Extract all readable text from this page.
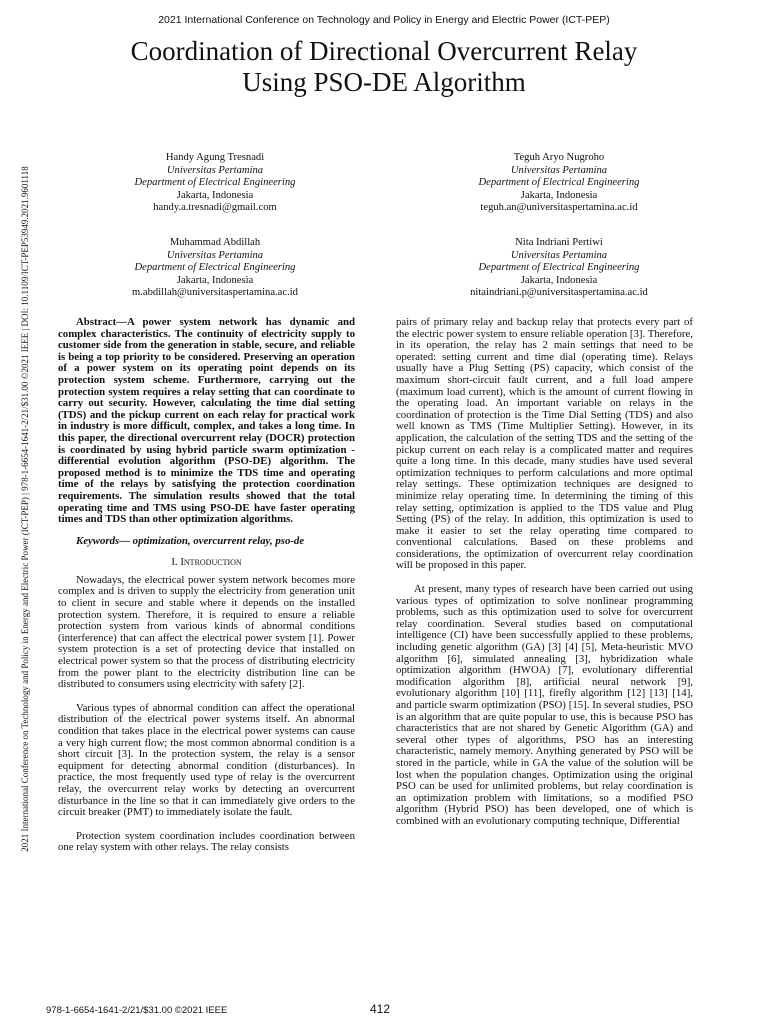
2021 International Conference on Technology and Policy in Energy and Electric Power (ICT-PEP)
Coordination of Directional Overcurrent Relay
Using PSO-DE Algorithm
2021 International Conference on Technology and Policy in Energy and Electric Power (ICT-PEP) | 978-1-6654-1641-2/21/$31.00 ©2021 IEEE | DOI: 10.1109/ICT-PEP53949.2021.9601118
Handy Agung Tresnadi
Universitas Pertamina
Department of Electrical Engineering
Jakarta, Indonesia
handy.a.tresnadi@gmail.com
Teguh Aryo Nugroho
Universitas Pertamina
Department of Electrical Engineering
Jakarta, Indonesia
teguh.an@universitaspertamina.ac.id
Muhammad Abdillah
Universitas Pertamina
Department of Electrical Engineering
Jakarta, Indonesia
m.abdillah@universitaspertamina.ac.id
Nita Indriani Pertiwi
Universitas Pertamina
Department of Electrical Engineering
Jakarta, Indonesia
nitaindriani.p@universitaspertamina.ac.id

Abstract—A power system network has dynamic and complex characteristics. The continuity of electricity supply to customer side from the generation in stable, secure, and reliable is being a top priority to be considered. Preserving an operation of a power system on its operating point depends on its protection system scheme. Furthermore, carrying out the protection system requires a relay setting that can coordinate to carry out security. However, calculating the time dial setting (TDS) and the pickup current on each relay for practical work in industry is more difficult, complex, and takes a long time. In this paper, the directional overcurrent relay (DOCR) protection is coordinated by using hybrid particle swarm optimization - differential evolution algorithm (PSO-DE) algorithm. The proposed method is to minimize the TDS time and operating time of the relays by satisfying the protection coordination requirements. The simulation results showed that the total operating time and TMS using PSO-DE have faster operating times and TDS than other optimization algorithms.

Keywords— optimization, overcurrent relay, pso-de

I. Introduction

Nowadays, the electrical power system network becomes more complex and is driven to supply the electricity from generation unit to client in secure and stable where it depends on the installed protection system. Therefore, it is required to ensure a reliable protection system from various kinds of abnormal conditions (interference) that can affect the electrical power system [1]. Power system protection is a set of protecting device that installed on electrical power system so that the process of distributing electricity from the power plant to the electricity distribution line can be distributed to consumers using electricity with safety [2].

Various types of abnormal condition can affect the operational distribution of the electrical power systems itself. An abnormal condition that takes place in the electrical power systems can cause a very high current flow; the most common abnormal condition is a short circuit [3]. In the protection system, the relay is a sensor equipment for detecting abnormal condition (disturbances). In practice, the most frequently used type of relay is the overcurrent relay, the overcurrent relay works by detecting an overcurrent disturbance in the line so that it can immediately give orders to the circuit breaker (PMT) to immediately isolate the fault.

Protection system coordination includes coordination between one relay system with other relays. The relay consists

pairs of primary relay and backup relay that protects every part of the electric power system to ensure reliable operation [3]. Therefore, in its operation, the relay has 2 main settings that need to be operated: setting current and time dial (operating time). Relays usually have a Plug Setting (PS) capacity, which consist of the maximum short-circuit fault current, and a full load ampere (maximum load current), which is the amount of current flowing in the operating load. An important variable on relays in the coordination of protection is the Time Dial Setting (TDS) and also well known as TMS (Time Multiplier Setting). However, in its application, the calculation of the setting TDS and the setting of the pickup current on each relay is a complicated matter and requires quite a long time. In this decade, many studies have used several optimization techniques to perform calculations and more optimal relay settings. These optimization techniques are designed to minimize relay operating time. In determining the timing of this relay setting, optimization is applied to the TDS value and Plug Setting (PS) of the relay. In addition, this optimization is used to make it easier to set the relay operating time compared to conventional calculations. Based on these problems and considerations, the optimization of overcurrent relay coordination will be proposed in this paper.

At present, many types of research have been carried out using various types of optimization to solve nonlinear programming problems, such as this optimization used to solve for overcurrent relay coordination. Several studies based on computational intelligence (CI) have been successfully applied to these problems, including genetic algorithm (GA) [3] [4] [5], Meta-heuristic MVO algorithm [6], simulated annealing [3], hybridization whale optimization algorithm (HWOA) [7], evolutionary differential modification algorithm [8], artificial neural network [9], evolutionary algorithm [10] [11], firefly algorithm [12] [13] [14], and particle swarm optimization (PSO) [15]. In several studies, PSO is an algorithm that are quite popular to use, this is because PSO has characteristics that are not shared by Genetic Algorithm (GA) and several other types of algorithms, PSO has an interesting characteristic, namely memory. Anything generated by PSO will be stored in the particle, while in GA the value of the solution will be lost when the population changes. Optimization using the original PSO can be used for unlimited problems, but relay coordination is an optimization problem with limitations, so a modified PSO algorithm (Hybrid PSO) has been developed, one of which is combined with an evolutionary computing technique, Differential

978-1-6654-1641-2/21/$31.00 ©2021 IEEE	412
